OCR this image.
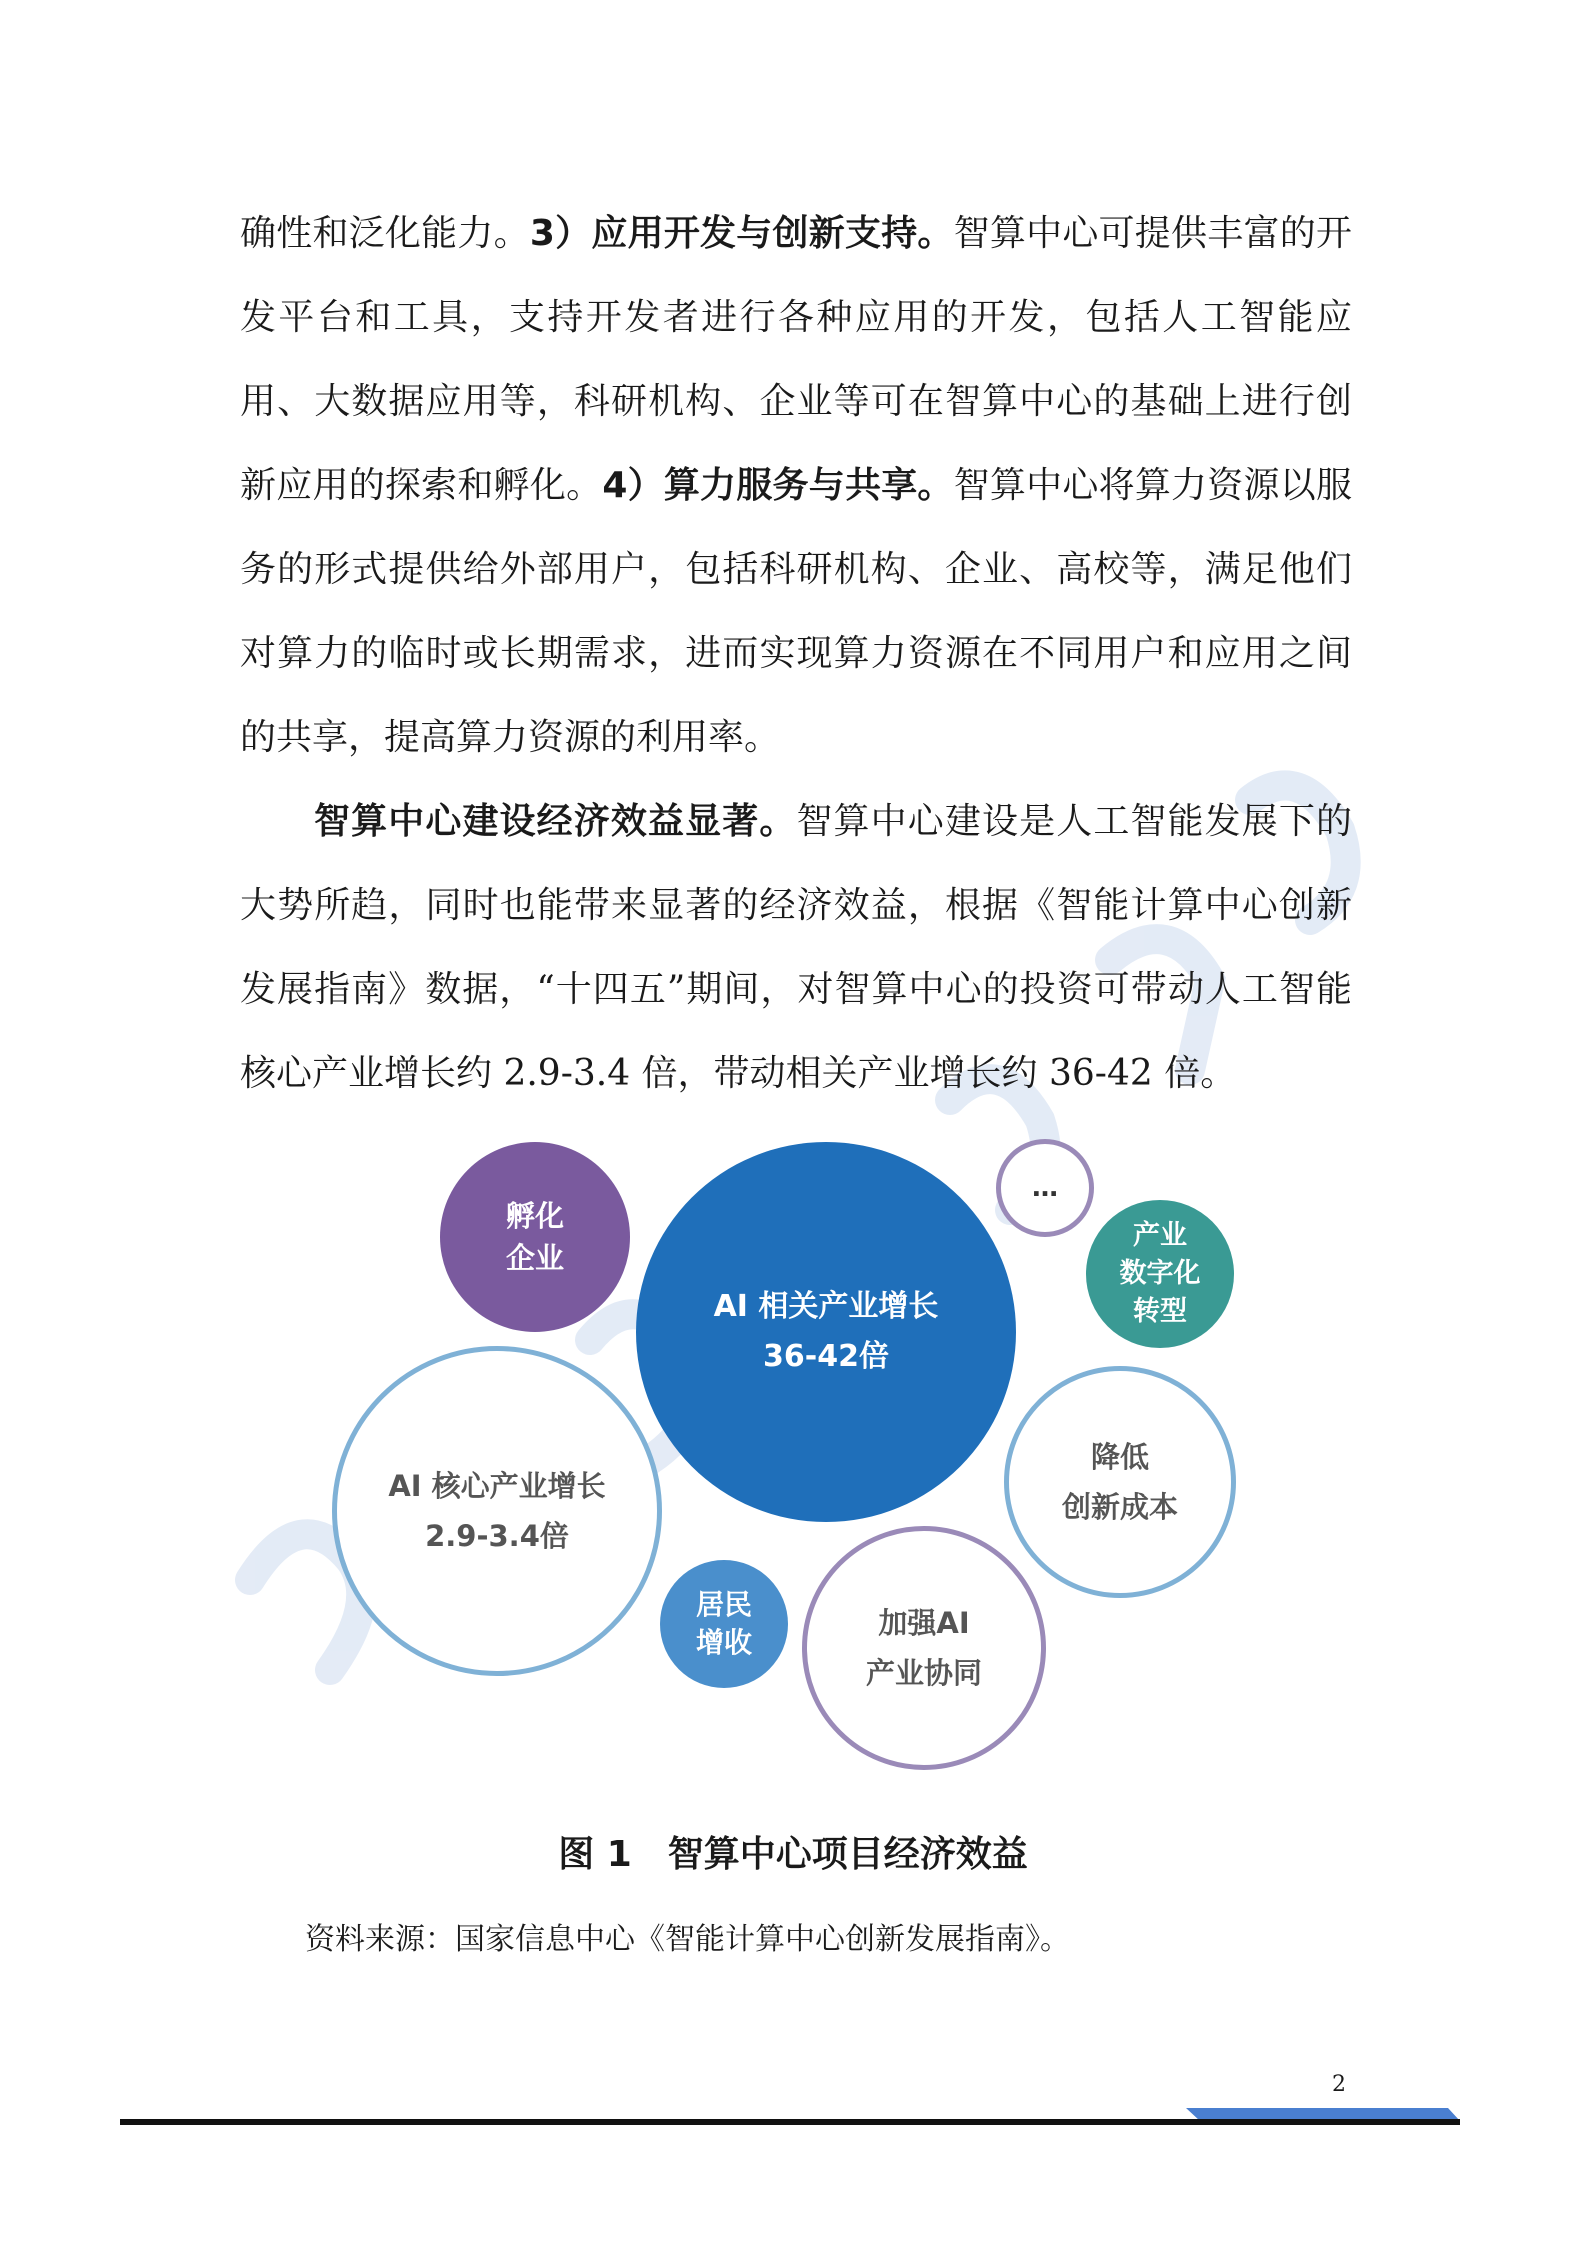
确性和泛化能力。3）应用开发与创新支持。智算中心可提供丰富的开发平台和工具，支持开发者进行各种应用的开发，包括人工智能应用、大数据应用等，科研机构、企业等可在智算中心的基础上进行创新应用的探索和孵化。4）算力服务与共享。智算中心将算力资源以服务的形式提供给外部用户，包括科研机构、企业、高校等，满足他们对算力的临时或长期需求，进而实现算力资源在不同用户和应用之间的共享，提高算力资源的利用率。

智算中心建设经济效益显著。智算中心建设是人工智能发展下的大势所趋，同时也能带来显著的经济效益，根据《智能计算中心创新发展指南》数据，“十四五”期间，对智算中心的投资可带动人工智能核心产业增长约 2.9-3.4 倍，带动相关产业增长约 36-42 倍。

孵化
企业
AI 相关产业增长
36-42倍
…
产业
数字化
转型
AI 核心产业增长
2.9-3.4倍
降低
创新成本
居民
增收
加强AI
产业协同

图 1　智算中心项目经济效益

资料来源：国家信息中心《智能计算中心创新发展指南》。

2
